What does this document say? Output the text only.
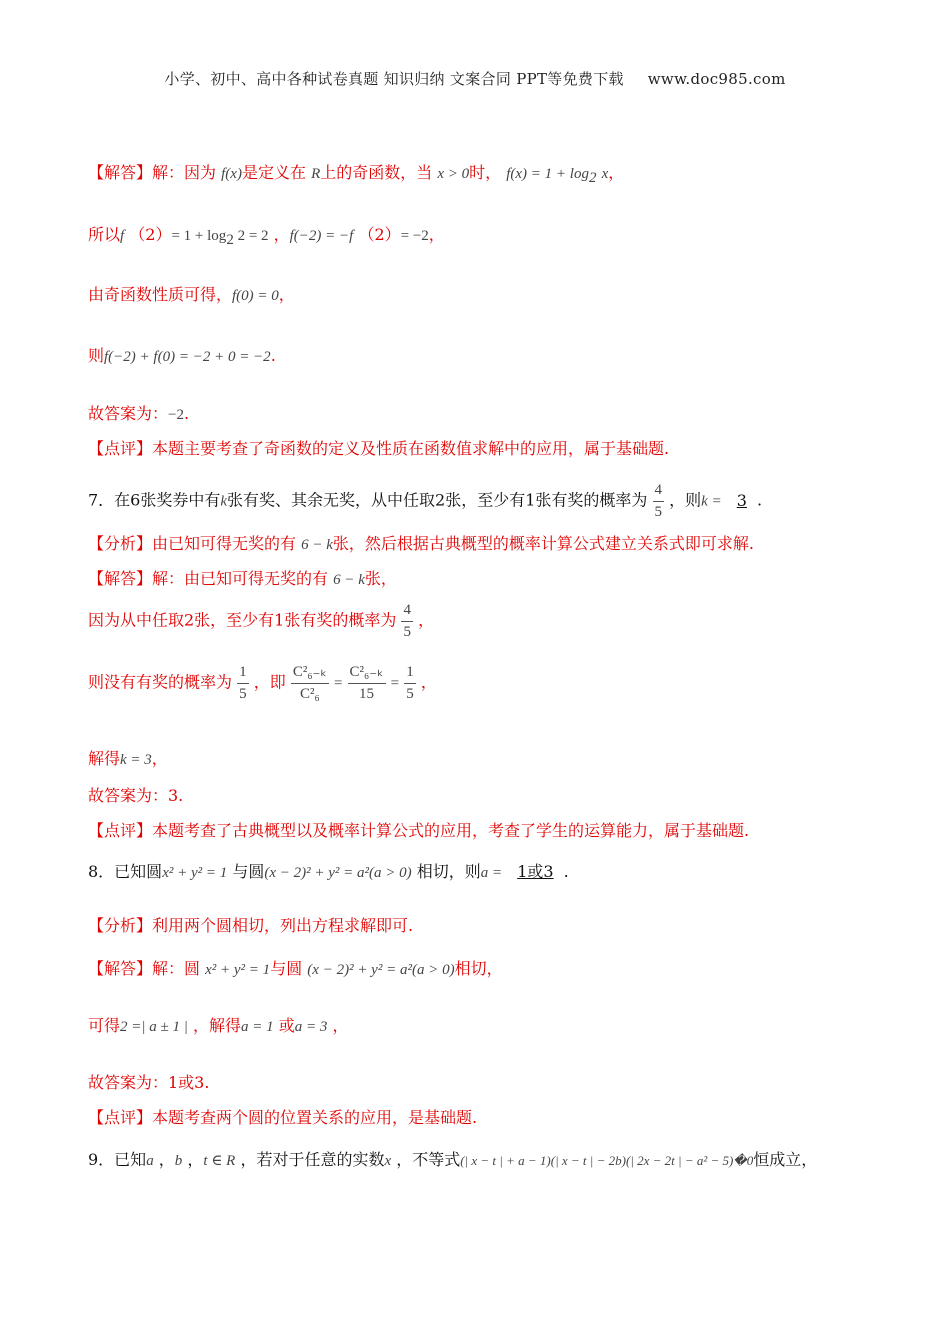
小学、初中、高中各种试卷真题 知识归纳 文案合同 PPT等免费下载 www.doc985.com
【解答】解：因为 f(x)是定义在 R上的奇函数，当 x > 0时， $f(x) = 1 + \log_2 x$，
所以f $(2)= 1 + \log_2 2 = 2$ ，f(−2) = −f （2）= −2，
由奇函数性质可得，f(0) = 0，
则f(−2) + f(0) = −2 + 0 = −2.
故答案为：−2.
【点评】本题主要考查了奇函数的定义及性质在函数值求解中的应用，属于基础题.
7．在6张奖券中有k张有奖、其余无奖，从中任取2张，至少有1张有奖的概率为 $\frac{4}{5}$ ，则k = 3 .
【分析】由已知可得无奖的有 6 − k张，然后根据古典概型的概率计算公式建立关系式即可求解.
【解答】解：由已知可得无奖的有 6 − k张，
因为从中任取2张，至少有1张有奖的概率为 $\frac{4}{5}$ ，
则没有有奖的概率为 $\frac{1}{5}$ ，即 $\frac{\text{C²₆₋ₖ}}{\text{C²₆}} = \frac{\text{C²₆₋ₖ}}{15} = \frac{1}{5}$ ，
解得k = 3，
故答案为：3.
【点评】本题考查了古典概型以及概率计算公式的应用，考查了学生的运算能力，属于基础题.
8．已知圆x² + y² = 1 与圆(x − 2)² + y² = a²(a > 0) 相切，则a = 1或3 .
【分析】利用两个圆相切，列出方程求解即可.
【解答】解：圆 x² + y² = 1与圆 (x − 2)² + y² = a²(a > 0)相切，
可得2 =| a ± 1 | ，解得a = 1 或a = 3 ，
故答案为：1或3.
【点评】本题考查两个圆的位置关系的应用，是基础题.
9．已知a ，b ，t ∈ R ，若对于任意的实数x ，不等式(| x − t | + a − 1)(| x − t | − 2b)(| 2x − 2t | − a² − 5)�0恒成立，
